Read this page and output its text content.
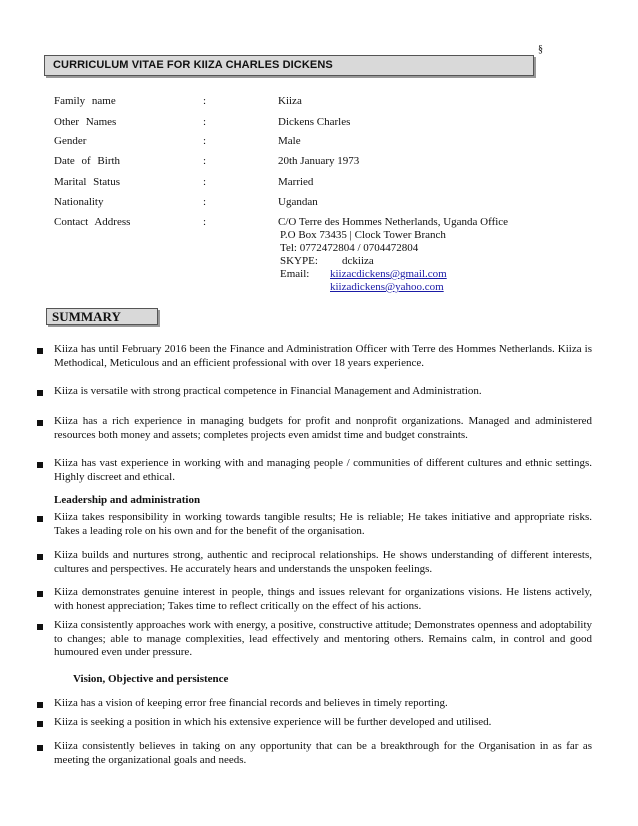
§
CURRICULUM VITAE FOR KIIZA CHARLES DICKENS
Family name	:	Kiiza
Other Names	:	Dickens Charles
Gender	:	Male
Date of Birth	:	20th January 1973
Marital Status	:	Married
Nationality	:	Ugandan
Contact Address	:	C/O Terre des Hommes Netherlands, Uganda Office
P.O Box 73435 | Clock Tower Branch
Tel: 0772472804 / 0704472804
SKYPE: dckiiza
Email: kiizacdickens@gmail.com
kiizadickens@yahoo.com
SUMMARY
Kiiza has until February 2016 been the Finance and Administration Officer with Terre des Hommes Netherlands. Kiiza is Methodical, Meticulous and an efficient professional with over 18 years experience.
Kiiza is versatile with strong practical competence in Financial Management and Administration.
Kiiza has a rich experience in managing budgets for profit and nonprofit organizations. Managed and administered resources both money and assets; completes projects even amidst time and budget constraints.
Kiiza has vast experience in working with and managing people / communities of different cultures and ethnic settings. Highly discreet and ethical.
Leadership and administration
Kiiza takes responsibility in working towards tangible results; He is reliable; He takes initiative and appropriate risks. Takes a leading role on his own and for the benefit of the organisation.
Kiiza builds and nurtures strong, authentic and reciprocal relationships. He shows understanding of different interests, cultures and perspectives. He accurately hears and understands the unspoken feelings.
Kiiza demonstrates genuine interest in people, things and issues relevant for organizations visions. He listens actively, with honest appreciation; Takes time to reflect critically on the effect of his actions.
Kiiza consistently approaches work with energy, a positive, constructive attitude; Demonstrates openness and adoptability to changes; able to manage complexities, lead effectively and mentoring others. Remains calm, in control and good humoured even under pressure.
Vision, Objective and persistence
Kiiza has a vision of keeping error free financial records and believes in timely reporting.
Kiiza is seeking a position in which his extensive experience will be further developed and utilised.
Kiiza consistently believes in taking on any opportunity that can be a breakthrough for the Organisation in as far as meeting the organizational goals and needs.
